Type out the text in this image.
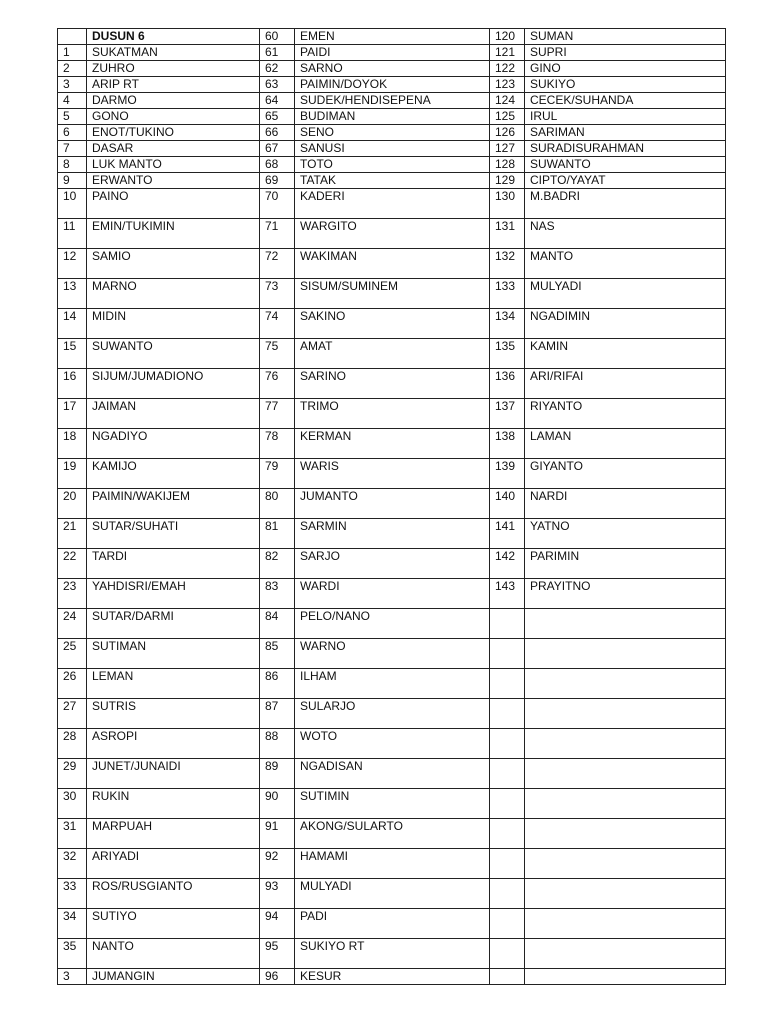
	DUSUN 6	60	EMEN	120	SUMAN
1	SUKATMAN	61	PAIDI	121	SUPRI
2	ZUHRO	62	SARNO	122	GINO
3	ARIP RT	63	PAIMIN/DOYOK	123	SUKIYO
4	DARMO	64	SUDEK/HENDISEPENA	124	CECEK/SUHANDA
5	GONO	65	BUDIMAN	125	IRUL
6	ENOT/TUKINO	66	SENO	126	SARIMAN
7	DASAR	67	SANUSI	127	SURADISURAHMAN
8	LUK MANTO	68	TOTO	128	SUWANTO
9	ERWANTO	69	TATAK	129	CIPTO/YAYAT
10	PAINO	70	KADERI	130	M.BADRI
11	EMIN/TUKIMIN	71	WARGITO	131	NAS
12	SAMIO	72	WAKIMAN	132	MANTO
13	MARNO	73	SISUM/SUMINEM	133	MULYADI
14	MIDIN	74	SAKINO	134	NGADIMIN
15	SUWANTO	75	AMAT	135	KAMIN
16	SIJUM/JUMADIONO	76	SARINO	136	ARI/RIFAI
17	JAIMAN	77	TRIMO	137	RIYANTO
18	NGADIYO	78	KERMAN	138	LAMAN
19	KAMIJO	79	WARIS	139	GIYANTO
20	PAIMIN/WAKIJEM	80	JUMANTO	140	NARDI
21	SUTAR/SUHATI	81	SARMIN	141	YATNO
22	TARDI	82	SARJO	142	PARIMIN
23	YAHDISRI/EMAH	83	WARDI	143	PRAYITNO
24	SUTAR/DARMI	84	PELO/NANO		
25	SUTIMAN	85	WARNO		
26	LEMAN	86	ILHAM		
27	SUTRIS	87	SULARJO		
28	ASROPI	88	WOTO		
29	JUNET/JUNAIDI	89	NGADISAN		
30	RUKIN	90	SUTIMIN		
31	MARPUAH	91	AKONG/SULARTO		
32	ARIYADI	92	HAMAMI		
33	ROS/RUSGIANTO	93	MULYADI		
34	SUTIYO	94	PADI		
35	NANTO	95	SUKIYO RT		
3	JUMANGIN	96	KESUR		
